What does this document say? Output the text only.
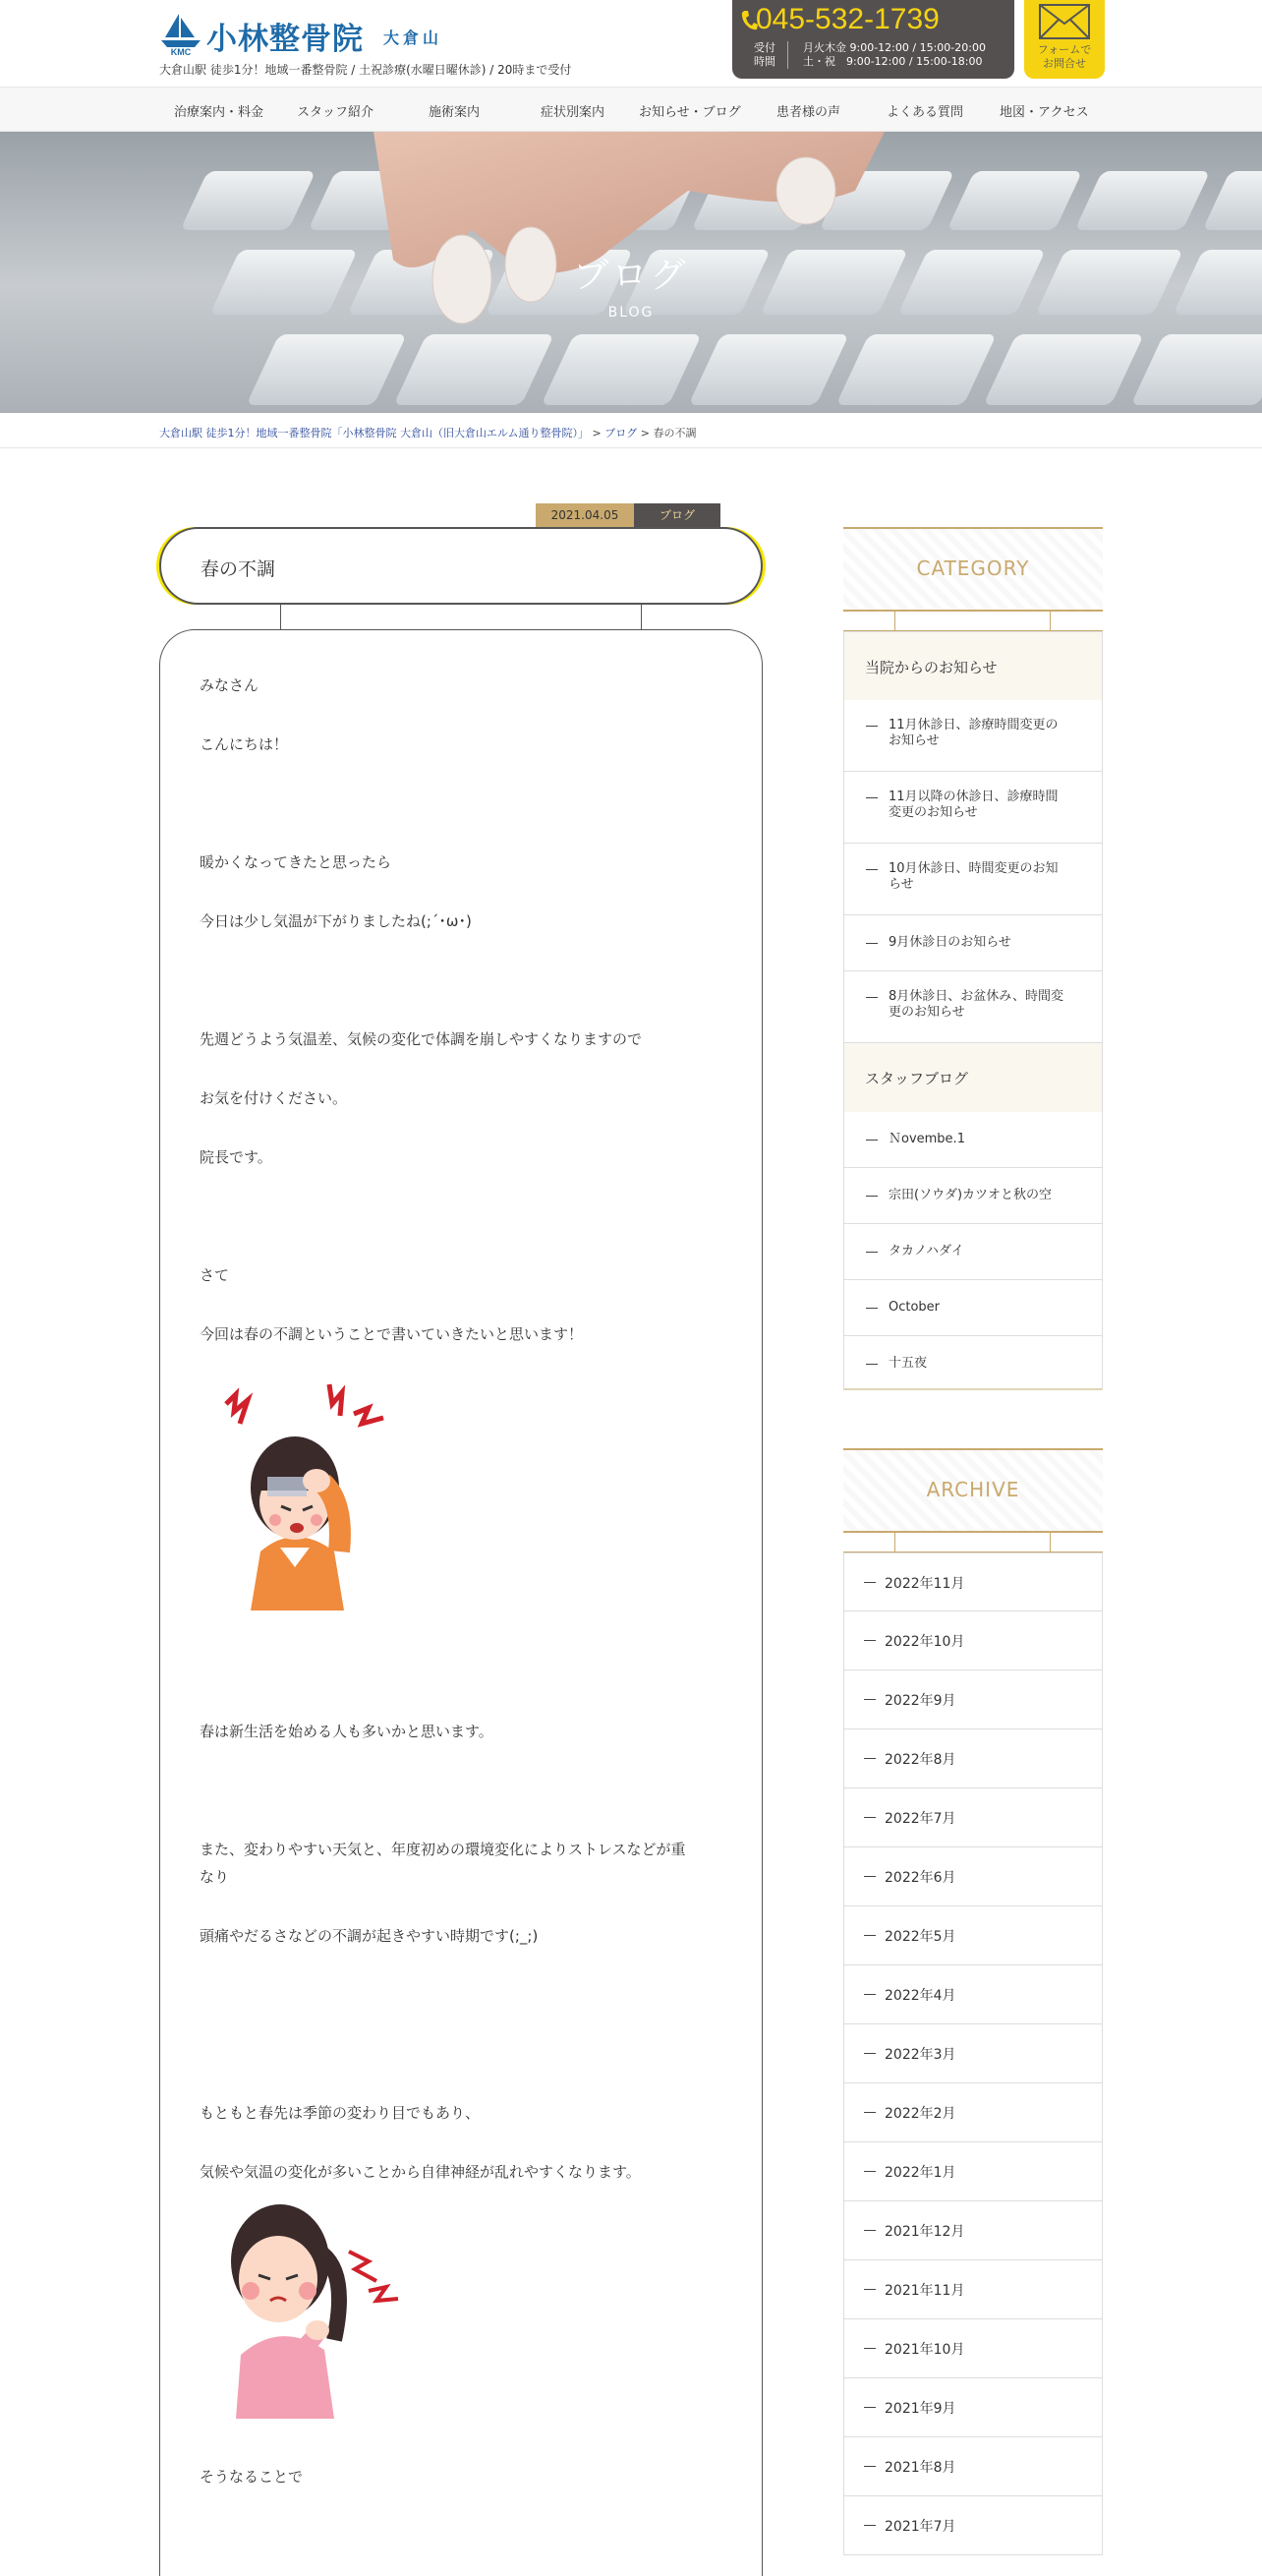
KMC 小林整骨院 大倉山
大倉山駅 徒歩1分！地域一番整骨院 / 土祝診療(水曜日曜休診) / 20時まで受付
045-532-1739
受付
時間
月火木金 9:00-12:00 / 15:00-20:00
土・祝　9:00-12:00 / 15:00-18:00
フォームで
お問合せ
治療案内・料金	スタッフ紹介	施術案内	症状別案内	お知らせ・ブログ	患者様の声	よくある質問	地図・アクセス
ブログ
BLOG
大倉山駅 徒歩1分！地域一番整骨院「小林整骨院 大倉山（旧大倉山エルム通り整骨院）」 > ブログ > 春の不調
2021.04.05	ブログ
春の不調
みなさん
こんにちは！
暖かくなってきたと思ったら
今日は少し気温が下がりましたね(;´･ω･)
先週どうよう気温差、気候の変化で体調を崩しやすくなりますので
お気を付けください。
院長です。
さて
今回は春の不調ということで書いていきたいと思います！
春は新生活を始める人も多いかと思います。
また、変わりやすい天気と、年度初めの環境変化によりストレスなどが重
なり
頭痛やだるさなどの不調が起きやすい時期です(;_;)
もともと春先は季節の変わり目でもあり、
気候や気温の変化が多いことから自律神経が乱れやすくなります。
そうなることで
CATEGORY
当院からのお知らせ
11月休診日、診療時間変更の
お知らせ
11月以降の休診日、診療時間
変更のお知らせ
10月休診日、時間変更のお知
らせ
9月休診日のお知らせ
8月休診日、お盆休み、時間変
更のお知らせ
スタッフブログ
Ｎovembe.1
宗田(ソウダ)カツオと秋の空
タカノハダイ
October
十五夜
ARCHIVE
2022年11月
2022年10月
2022年9月
2022年8月
2022年7月
2022年6月
2022年5月
2022年4月
2022年3月
2022年2月
2022年1月
2021年12月
2021年11月
2021年10月
2021年9月
2021年8月
2021年7月
